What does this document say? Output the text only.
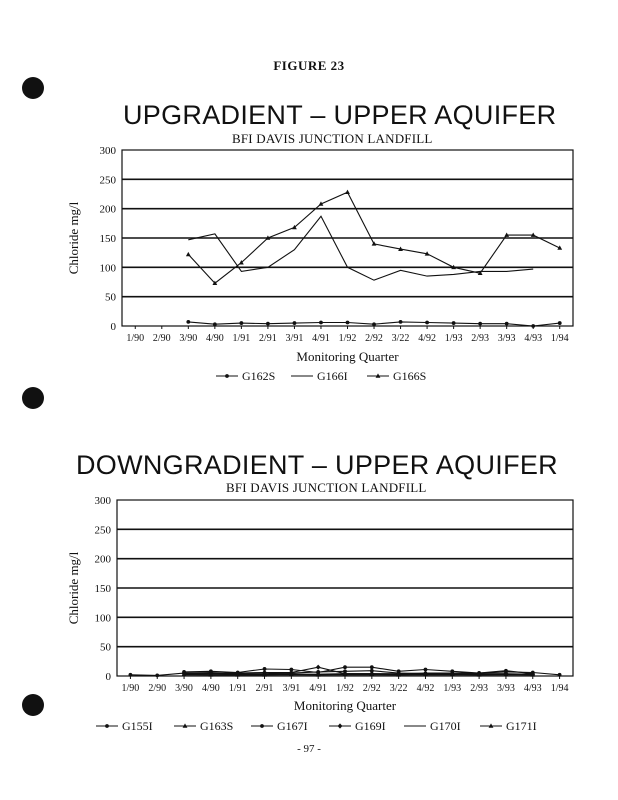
FIGURE 23
UPGRADIENT – UPPER AQUIFER
BFI DAVIS JUNCTION LANDFILL
DOWNGRADIENT – UPPER AQUIFER
BFI DAVIS JUNCTION LANDFILL
0
50
100
150
200
250
300
1/90 2/90 3/90 4/90 1/91 2/91 3/91 4/91 1/92 2/92 3/22 4/92 1/93 2/93 3/93 4/93 1/94
Monitoring Quarter
Chloride mg/l
G162S	G166I	G166S
0
50
100
150
200
250
300
1/90 2/90 3/90 4/90 1/91 2/91 3/91 4/91 1/92 2/92 3/22 4/92 1/93 2/93 3/93 4/93 1/94
Monitoring Quarter
Chloride mg/l
G155I	G163S	G167I	G169I	G170I	G171I
- 97 -
